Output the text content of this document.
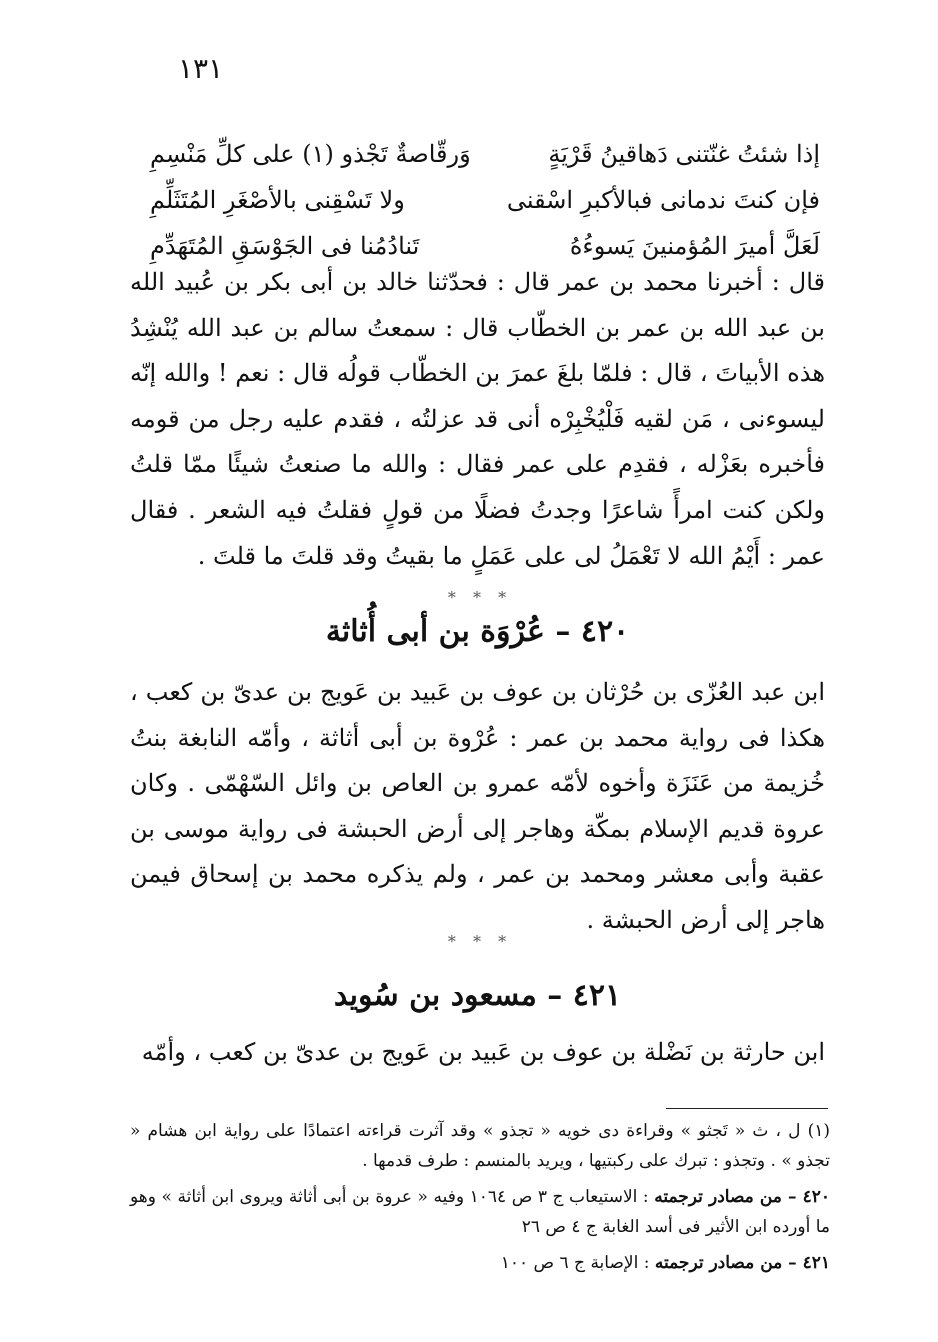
١٣١
إذا شئتُ غنّتنى دَهاقينُ قَرْيَةٍ
وَرقّاصةٌ تَجْذو (١) على كلِّ مَنْسِمِ
فإن كنتَ ندمانى فبالأكبرِ اسْقنى
ولا تَسْقِنى بالأصْغَرِ المُتَثَلِّمِ
لَعَلَّ أميرَ المُؤمنينَ يَسوءُهُ
تَنادُمُنا فى الجَوْسَقِ المُتَهَدِّمِ

قال : أخبرنا محمد بن عمر قال : فحدّثنا خالد بن أبى بكر بن عُبيد الله بن عبد الله بن عمر بن الخطّاب قال : سمعتُ سالم بن عبد الله يُنْشِدُ هذه الأبياتَ ، قال : فلمّا بلغَ عمرَ بن الخطّاب قولُه قال : نعم ! والله إنّه ليسوءنى ، مَن لقيه فَلْيُخْبِرْه أنى قد عزلتُه ، فقدم عليه رجل من قومه فأخبره بعَزْله ، فقدِم على عمر فقال : والله ما صنعتُ شيئًا ممّا قلتُ ولكن كنت امرأً شاعرًا وجدتُ فضلًا من قولٍ فقلتُ فيه الشعر . فقال عمر : أَيْمُ الله لا تَعْمَلُ لى على عَمَلٍ ما بقيتُ وقد قلتَ ما قلتَ .

* * *
٤٢٠ – عُرْوَة بن أبى أُثاثة

ابن عبد العُزّى بن حُرْثان بن عوف بن عَبيد بن عَويج بن عدىّ بن كعب ، هكذا فى رواية محمد بن عمر : عُرْوة بن أبى أثاثة ، وأمّه النابغة بنتُ خُزيمة من عَنَزَة وأخوه لأمّه عمرو بن العاص بن وائل السّهْمّى . وكان عروة قديم الإسلام بمكّة وهاجر إلى أرض الحبشة فى رواية موسى بن عقبة وأبى معشر ومحمد بن عمر ، ولم يذكره محمد بن إسحاق فيمن هاجر إلى أرض الحبشة .

* * *
٤٢١ – مسعود بن سُويد

ابن حارثة بن نَضْلة بن عوف بن عَبيد بن عَويج بن عدىّ بن كعب ، وأمّه

(١) ل ، ث « تَجثو » وقراءة دى خويه « تجذو » وقد آثرت قراءته اعتمادًا على رواية ابن هشام « تجذو » . وتجذو : تبرك على ركبتيها ، ويريد بالمنسم : طرف قدمها .

٤٢٠ – من مصادر ترجمته : الاستيعاب ج ٣ ص ١٠٦٤ وفيه « عروة بن أبى أثاثة ويروى ابن أثاثة » وهو ما أورده ابن الأثير فى أسد الغابة ج ٤ ص ٢٦

٤٢١ – من مصادر ترجمته : الإصابة ج ٦ ص ١٠٠
